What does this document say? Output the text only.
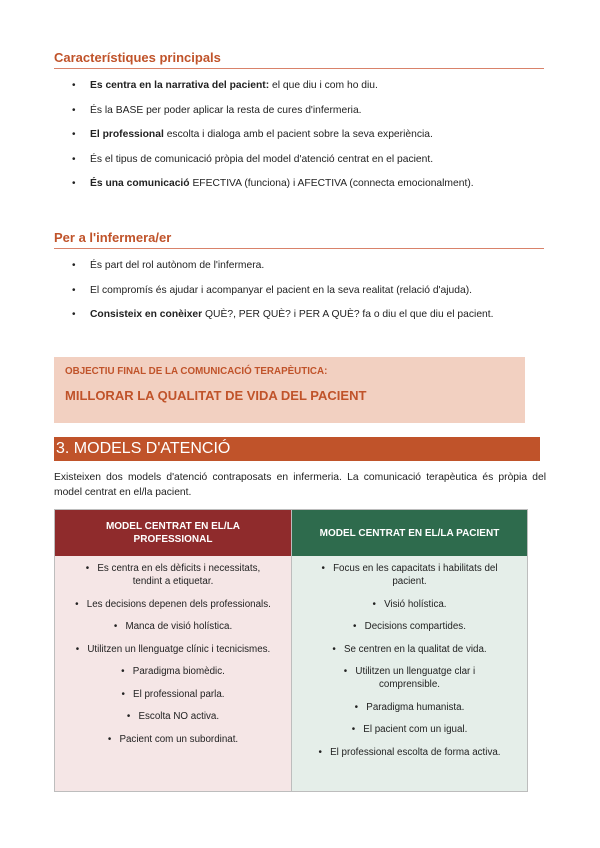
Característiques principals
• Es centra en la narrativa del pacient: el que diu i com ho diu.
• És la BASE per poder aplicar la resta de cures d'infermeria.
• El professional escolta i dialoga amb el pacient sobre la seva experiència.
• És el tipus de comunicació pròpia del model d'atenció centrat en el pacient.
• És una comunicació EFECTIVA (funciona) i AFECTIVA (connecta emocionalment).
Per a l'infermera/er
• És part del rol autònom de l'infermera.
• El compromís és ajudar i acompanyar el pacient en la seva realitat (relació d'ajuda).
• Consisteix en conèixer QUÈ?, PER QUÈ? i PER A QUÈ? fa o diu el que diu el pacient.
OBJECTIU FINAL DE LA COMUNICACIÓ TERAPÈUTICA:
MILLORAR LA QUALITAT DE VIDA DEL PACIENT
3. MODELS D'ATENCIÓ
Existeixen dos models d'atenció contraposats en infermeria. La comunicació terapèutica és pròpia del model centrat en el/la pacient.
MODEL CENTRAT EN EL/LA PROFESSIONAL
•   Es centra en els dèficits i necessitats, tendint a etiquetar.
•   Les decisions depenen dels professionals.
•   Manca de visió holística.
•   Utilitzen un llenguatge clínic i tecnicismes.
•   Paradigma biomèdic.
•   El professional parla.
•   Escolta NO activa.
•   Pacient com un subordinat.
MODEL CENTRAT EN EL/LA PACIENT
•   Focus en les capacitats i habilitats del pacient.
•   Visió holística.
•   Decisions compartides.
•   Se centren en la qualitat de vida.
•   Utilitzen un llenguatge clar i comprensible.
•   Paradigma humanista.
•   El pacient com un igual.
•   El professional escolta de forma activa.
